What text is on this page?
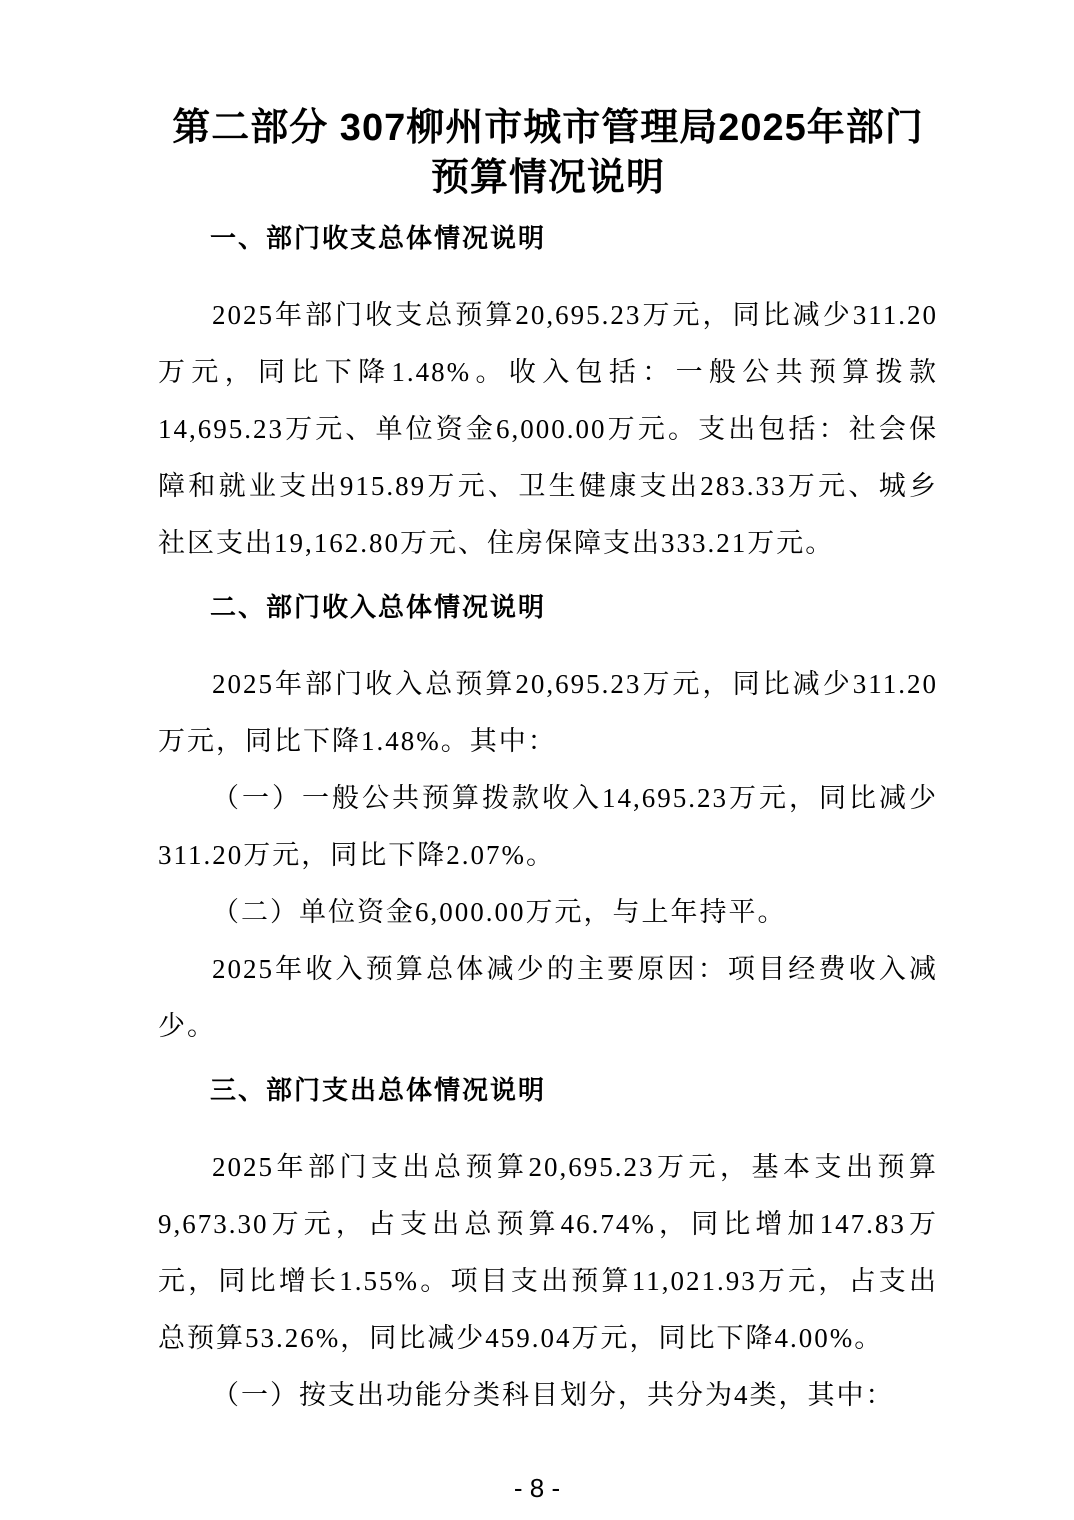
第二部分 307柳州市城市管理局2025年部门
预算情况说明
一、部门收支总体情况说明

2025年部门收支总预算20,695.23万元，同比减少311.20万元，同比下降1.48%。收入包括：一般公共预算拨款14,695.23万元、单位资金6,000.00万元。支出包括：社会保障和就业支出915.89万元、卫生健康支出283.33万元、城乡社区支出19,162.80万元、住房保障支出333.21万元。

二、部门收入总体情况说明

2025年部门收入总预算20,695.23万元，同比减少311.20万元，同比下降1.48%。其中：

（一）一般公共预算拨款收入14,695.23万元，同比减少311.20万元，同比下降2.07%。

（二）单位资金6,000.00万元，与上年持平。

2025年收入预算总体减少的主要原因：项目经费收入减少。

三、部门支出总体情况说明

2025年部门支出总预算20,695.23万元，基本支出预算9,673.30万元，占支出总预算46.74%，同比增加147.83万元，同比增长1.55%。项目支出预算11,021.93万元，占支出总预算53.26%，同比减少459.04万元，同比下降4.00%。

（一）按支出功能分类科目划分，共分为4类，其中：

- 8 -
